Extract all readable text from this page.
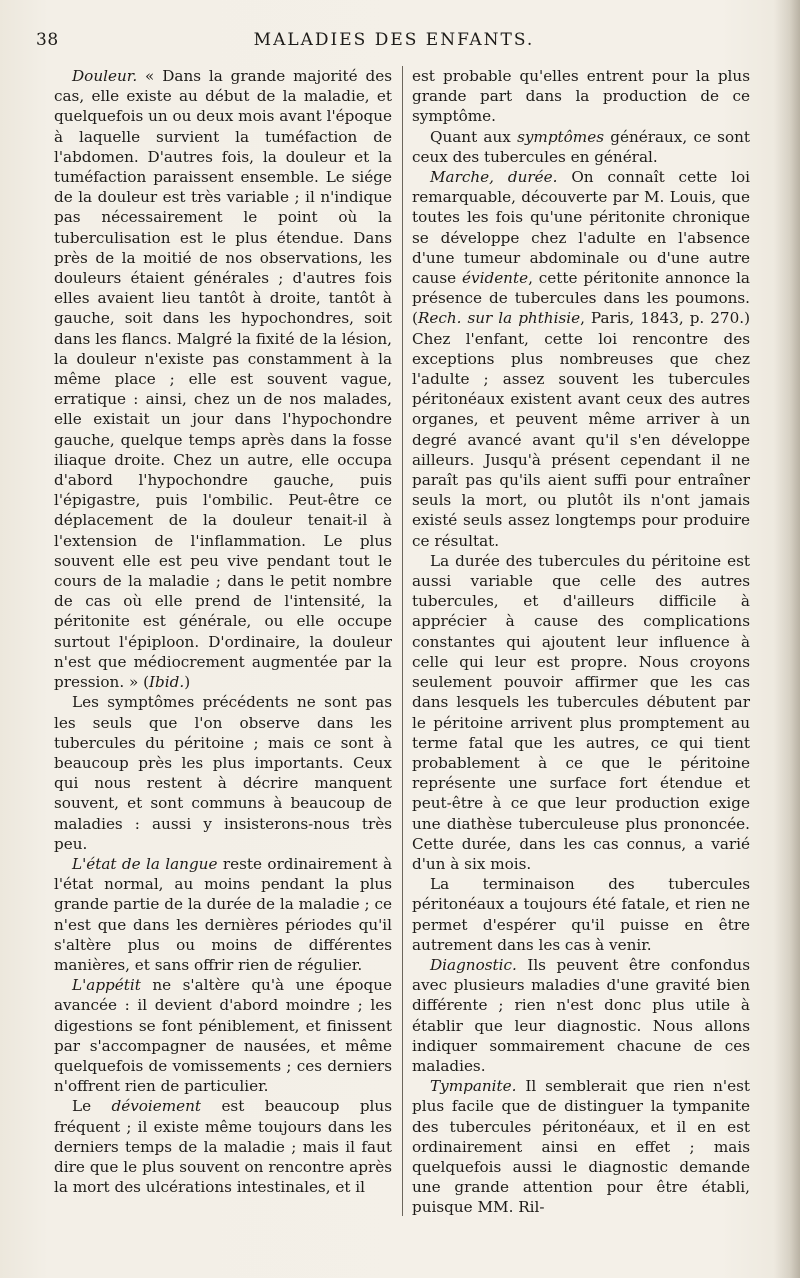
38	MALADIES DES ENFANTS.

Douleur. « Dans la grande majorité des cas, elle existe au début de la maladie, et quelquefois un ou deux mois avant l'époque à laquelle survient la tuméfaction de l'abdomen. D'autres fois, la douleur et la tuméfaction paraissent ensemble. Le siége de la douleur est très variable ; il n'indique pas nécessairement le point où la tuberculisation est le plus étendue. Dans près de la moitié de nos observations, les douleurs étaient générales ; d'autres fois elles avaient lieu tantôt à droite, tantôt à gauche, soit dans les hypochondres, soit dans les flancs. Malgré la fixité de la lésion, la douleur n'existe pas constamment à la même place ; elle est souvent vague, erratique : ainsi, chez un de nos malades, elle existait un jour dans l'hypochondre gauche, quelque temps après dans la fosse iliaque droite. Chez un autre, elle occupa d'abord l'hypochondre gauche, puis l'épigastre, puis l'ombilic. Peut-être ce déplacement de la douleur tenait-il à l'extension de l'inflammation. Le plus souvent elle est peu vive pendant tout le cours de la maladie ; dans le petit nombre de cas où elle prend de l'intensité, la péritonite est générale, ou elle occupe surtout l'épiploon. D'ordinaire, la douleur n'est que médiocrement augmentée par la pression. » (Ibid.)

Les symptômes précédents ne sont pas les seuls que l'on observe dans les tubercules du péritoine ; mais ce sont à beaucoup près les plus importants. Ceux qui nous restent à décrire manquent souvent, et sont communs à beaucoup de maladies : aussi y insisterons-nous très peu.

L'état de la langue reste ordinairement à l'état normal, au moins pendant la plus grande partie de la durée de la maladie ; ce n'est que dans les dernières périodes qu'il s'altère plus ou moins de différentes manières, et sans offrir rien de régulier.

L'appétit ne s'altère qu'à une époque avancée : il devient d'abord moindre ; les digestions se font péniblement, et finissent par s'accompagner de nausées, et même quelquefois de vomissements ; ces derniers n'offrent rien de particulier.

Le dévoiement est beaucoup plus fréquent ; il existe même toujours dans les derniers temps de la maladie ; mais il faut dire que le plus souvent on rencontre après la mort des ulcérations intestinales, et il

est probable qu'elles entrent pour la plus grande part dans la production de ce symptôme.

Quant aux symptômes généraux, ce sont ceux des tubercules en général.

Marche, durée. On connaît cette loi remarquable, découverte par M. Louis, que toutes les fois qu'une péritonite chronique se développe chez l'adulte en l'absence d'une tumeur abdominale ou d'une autre cause évidente, cette péritonite annonce la présence de tubercules dans les poumons. (Rech. sur la phthisie, Paris, 1843, p. 270.) Chez l'enfant, cette loi rencontre des exceptions plus nombreuses que chez l'adulte ; assez souvent les tubercules péritonéaux existent avant ceux des autres organes, et peuvent même arriver à un degré avancé avant qu'il s'en développe ailleurs. Jusqu'à présent cependant il ne paraît pas qu'ils aient suffi pour entraîner seuls la mort, ou plutôt ils n'ont jamais existé seuls assez longtemps pour produire ce résultat.

La durée des tubercules du péritoine est aussi variable que celle des autres tubercules, et d'ailleurs difficile à apprécier à cause des complications constantes qui ajoutent leur influence à celle qui leur est propre. Nous croyons seulement pouvoir affirmer que les cas dans lesquels les tubercules débutent par le péritoine arrivent plus promptement au terme fatal que les autres, ce qui tient probablement à ce que le péritoine représente une surface fort étendue et peut-être à ce que leur production exige une diathèse tuberculeuse plus prononcée. Cette durée, dans les cas connus, a varié d'un à six mois.

La terminaison des tubercules péritonéaux a toujours été fatale, et rien ne permet d'espérer qu'il puisse en être autrement dans les cas à venir.

Diagnostic. Ils peuvent être confondus avec plusieurs maladies d'une gravité bien différente ; rien n'est donc plus utile à établir que leur diagnostic. Nous allons indiquer sommairement chacune de ces maladies.

Tympanite. Il semblerait que rien n'est plus facile que de distinguer la tympanite des tubercules péritonéaux, et il en est ordinairement ainsi en effet ; mais quelquefois aussi le diagnostic demande une grande attention pour être établi, puisque MM. Ril-
